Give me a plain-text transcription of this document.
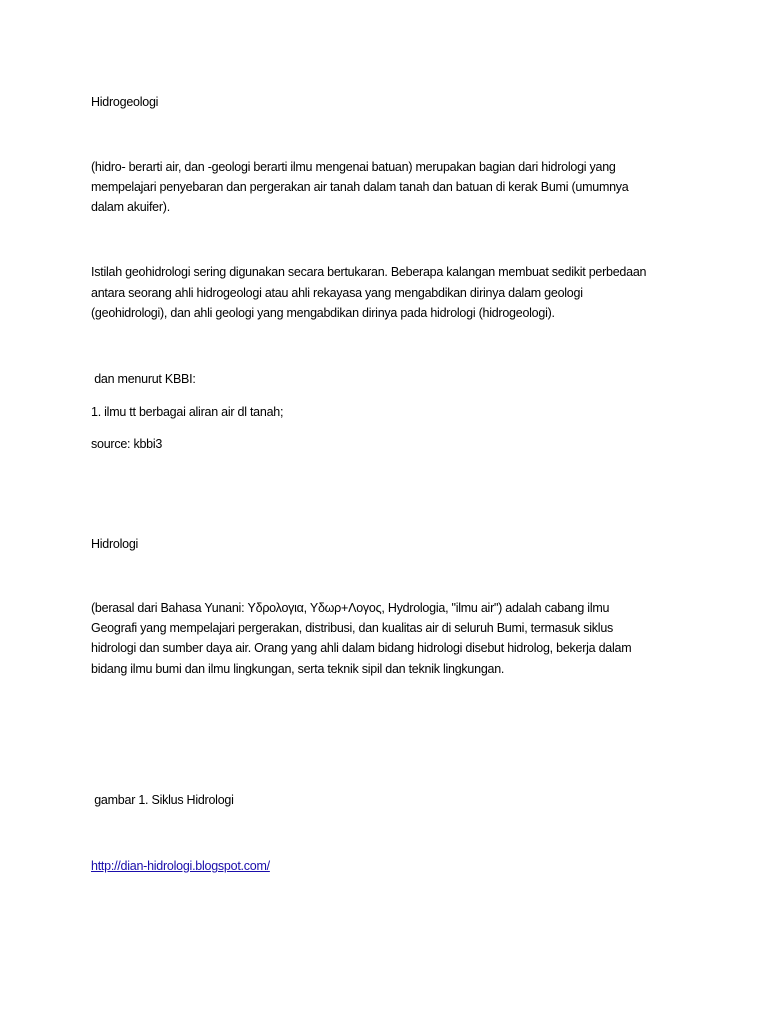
Hidrogeologi
(hidro- berarti air, dan -geologi berarti ilmu mengenai batuan) merupakan bagian dari hidrologi yang
mempelajari penyebaran dan pergerakan air tanah dalam tanah dan batuan di kerak Bumi (umumnya
dalam akuifer).
Istilah geohidrologi sering digunakan secara bertukaran. Beberapa kalangan membuat sedikit perbedaan
antara seorang ahli hidrogeologi atau ahli rekayasa yang mengabdikan dirinya dalam geologi
(geohidrologi), dan ahli geologi yang mengabdikan dirinya pada hidrologi (hidrogeologi).
dan menurut KBBI:
1. ilmu tt berbagai aliran air dl tanah;
source: kbbi3
Hidrologi
(berasal dari Bahasa Yunani: Υδρολογια, Υδωρ+Λογος, Hydrologia, "ilmu air") adalah cabang ilmu
Geografi yang mempelajari pergerakan, distribusi, dan kualitas air di seluruh Bumi, termasuk siklus
hidrologi dan sumber daya air. Orang yang ahli dalam bidang hidrologi disebut hidrolog, bekerja dalam
bidang ilmu bumi dan ilmu lingkungan, serta teknik sipil dan teknik lingkungan.
gambar 1. Siklus Hidrologi
http://dian-hidrologi.blogspot.com/
